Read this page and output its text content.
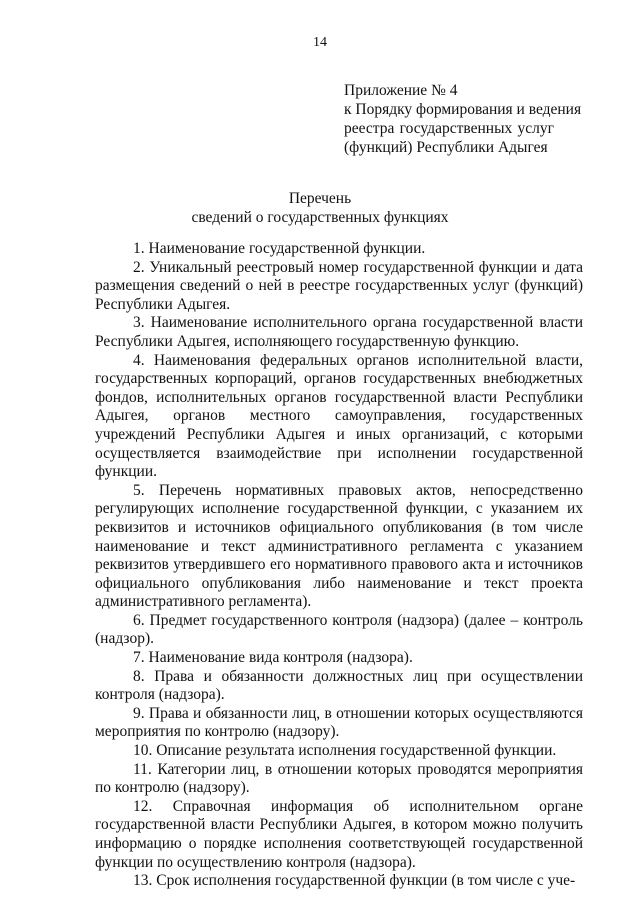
14
Приложение № 4
к Порядку формирования и ведения
реестра государственных услуг
(функций) Республики Адыгея
Перечень
сведений о государственных функциях

1. Наименование государственной функции.

2. Уникальный реестровый номер государственной функции и дата размещения сведений о ней в реестре государственных услуг (функций) Республики Адыгея.

3. Наименование исполнительного органа государственной власти Республики Адыгея, исполняющего государственную функцию.

4. Наименования федеральных органов исполнительной власти, государственных корпораций, органов государственных внебюджетных фондов, исполнительных органов государственной власти Республики Адыгея, органов местного самоуправления, государственных учреждений Республики Адыгея и иных организаций, с которыми осуществляется взаимодействие при исполнении государственной функции.

5. Перечень нормативных правовых актов, непосредственно регулирующих исполнение государственной функции, с указанием их реквизитов и источников официального опубликования (в том числе наименование и текст административного регламента с указанием реквизитов утвердившего его нормативного правового акта и источников официального опубликования либо наименование и текст проекта административного регламента).

6. Предмет государственного контроля (надзора) (далее – контроль (надзор).

7. Наименование вида контроля (надзора).

8. Права и обязанности должностных лиц при осуществлении контроля (надзора).

9. Права и обязанности лиц, в отношении которых осуществляются мероприятия по контролю (надзору).

10. Описание результата исполнения государственной функции.

11. Категории лиц, в отношении которых проводятся мероприятия по контролю (надзору).

12. Справочная информация об исполнительном органе государственной власти Республики Адыгея, в котором можно получить информацию о порядке исполнения соответствующей государственной функции по осуществлению контроля (надзора).

13. Срок исполнения государственной функции (в том числе с уче-
